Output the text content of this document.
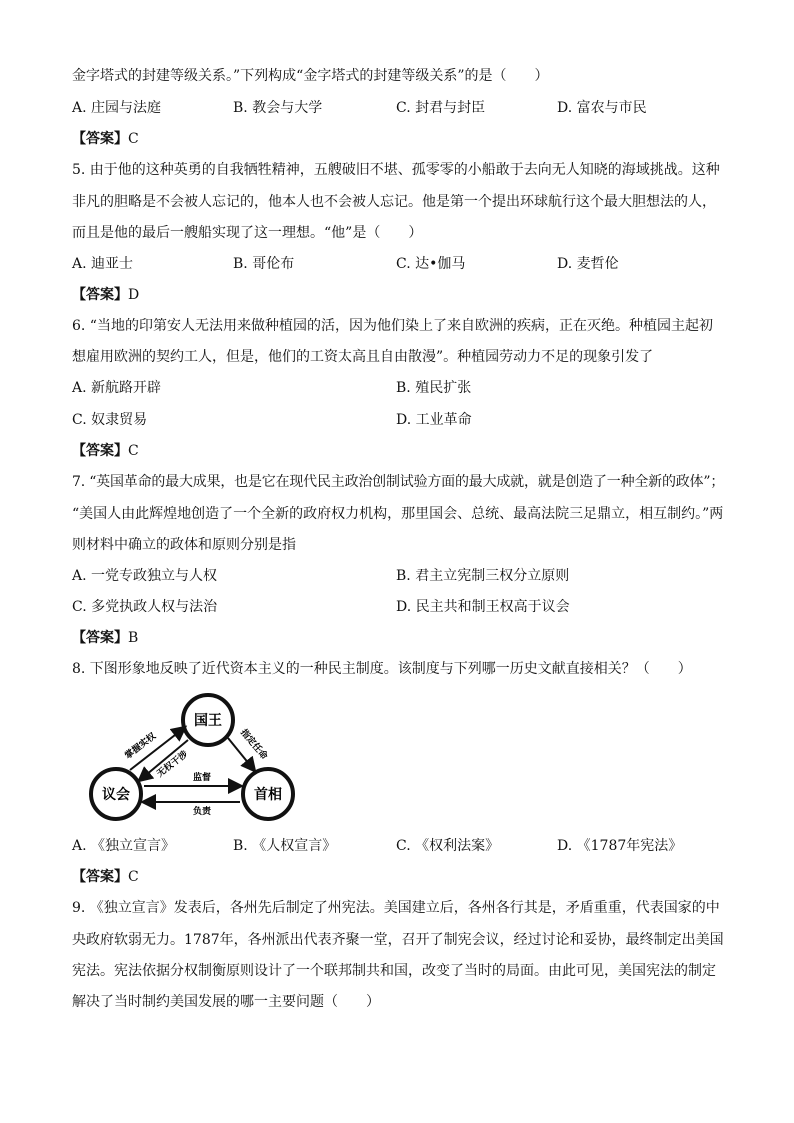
金字塔式的封建等级关系。”下列构成“金字塔式的封建等级关系”的是（　　）
A. 庄园与法庭	B. 教会与大学	C. 封君与封臣	D. 富农与市民
【答案】C
5. 由于他的这种英勇的自我牺牲精神，五艘破旧不堪、孤零零的小船敢于去向无人知晓的海域挑战。这种
非凡的胆略是不会被人忘记的，他本人也不会被人忘记。他是第一个提出环球航行这个最大胆想法的人，
而且是他的最后一艘船实现了这一理想。“他”是（　　）
A. 迪亚士	B. 哥伦布	C. 达•伽马	D. 麦哲伦
【答案】D
6. “当地的印第安人无法用来做种植园的活，因为他们染上了来自欧洲的疾病，正在灭绝。种植园主起初
想雇用欧洲的契约工人，但是，他们的工资太高且自由散漫”。种植园劳动力不足的现象引发了
A. 新航路开辟	B. 殖民扩张
C. 奴隶贸易	D. 工业革命
【答案】C
7. “英国革命的最大成果，也是它在现代民主政治创制试验方面的最大成就，就是创造了一种全新的政体”；
“美国人由此辉煌地创造了一个全新的政府权力机构，那里国会、总统、最高法院三足鼎立，相互制约。”两
则材料中确立的政体和原则分别是指
A. 一党专政独立与人权	B. 君主立宪制三权分立原则
C. 多党执政人权与法治	D. 民主共和制王权高于议会
【答案】B
8. 下图形象地反映了近代资本主义的一种民主制度。该制度与下列哪一历史文献直接相关？（　　）
国王
议会	首相
掌握实权
无权干涉
指定任命
负责
监督
A. 《独立宣言》	B. 《人权宣言》	C. 《权利法案》	D. 《1787年宪法》
【答案】C
9. 《独立宣言》发表后，各州先后制定了州宪法。美国建立后，各州各行其是，矛盾重重，代表国家的中
央政府软弱无力。1787年，各州派出代表齐聚一堂，召开了制宪会议，经过讨论和妥协，最终制定出美国
宪法。宪法依据分权制衡原则设计了一个联邦制共和国，改变了当时的局面。由此可见，美国宪法的制定
解决了当时制约美国发展的哪一主要问题（　　）
